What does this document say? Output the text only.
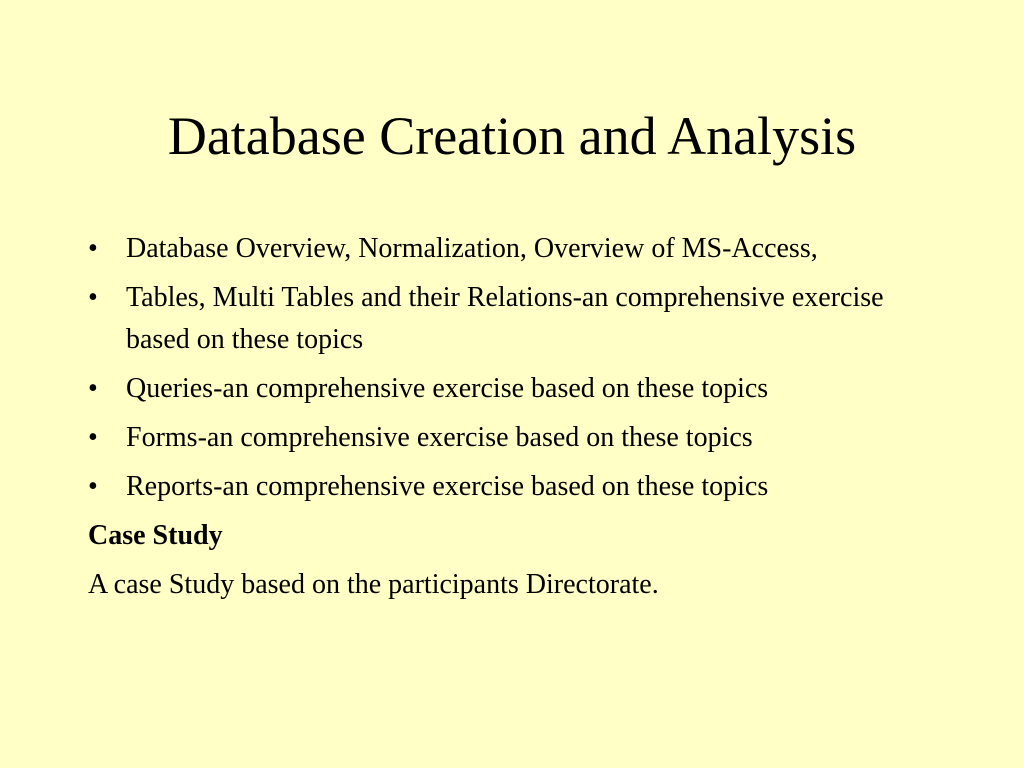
Database Creation and Analysis
• Database Overview, Normalization, Overview of MS-Access,
• Tables, Multi Tables and their Relations-an comprehensive exercise based on these topics
• Queries-an comprehensive exercise based on these topics
• Forms-an comprehensive exercise based on these topics
• Reports-an comprehensive exercise based on these topics
Case Study
A case Study based on the participants Directorate.
